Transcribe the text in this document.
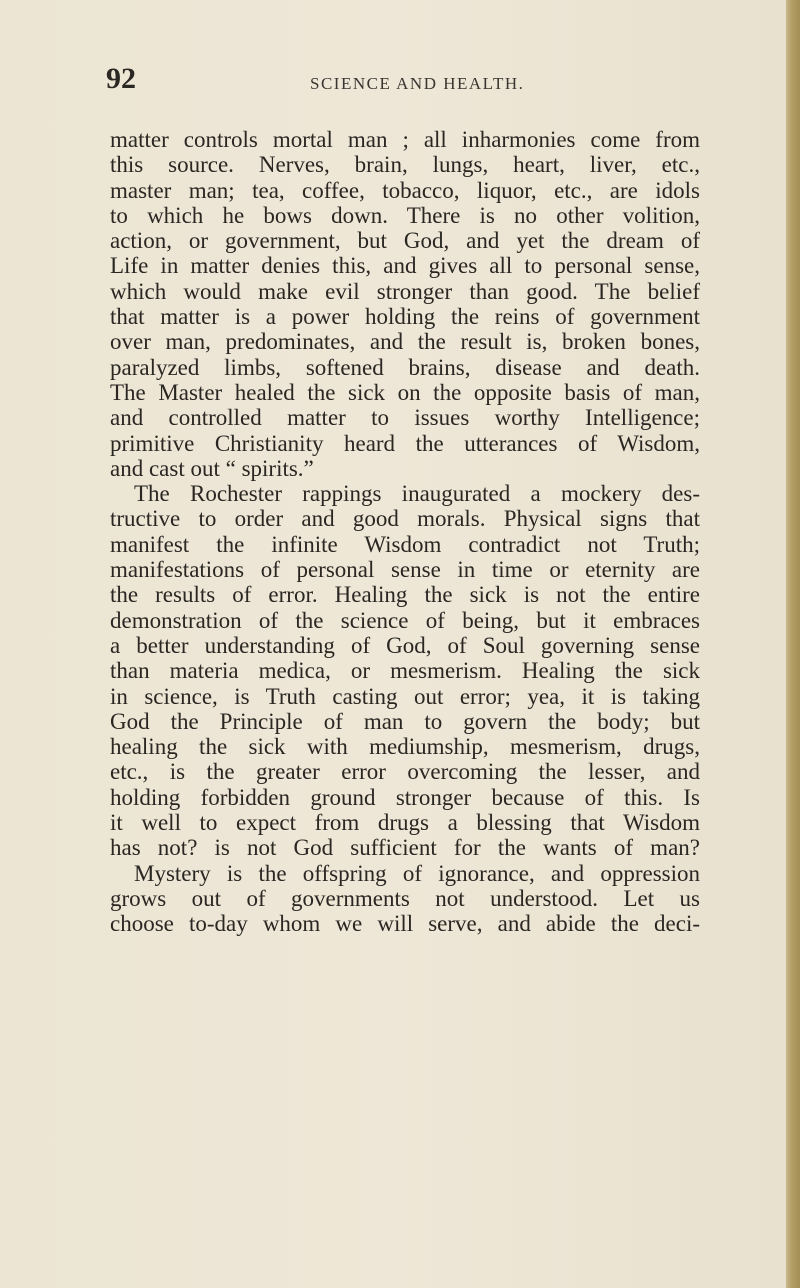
92	SCIENCE AND HEALTH.
matter controls mortal man ; all inharmonies come from
this source. Nerves, brain, lungs, heart, liver, etc.,
master man; tea, coffee, tobacco, liquor, etc., are idols
to which he bows down. There is no other volition,
action, or government, but God, and yet the dream of
Life in matter denies this, and gives all to personal sense,
which would make evil stronger than good. The belief
that matter is a power holding the reins of government
over man, predominates, and the result is, broken bones,
paralyzed limbs, softened brains, disease and death.
The Master healed the sick on the opposite basis of man,
and controlled matter to issues worthy Intelligence;
primitive Christianity heard the utterances of Wisdom,
and cast out “ spirits.”
The Rochester rappings inaugurated a mockery des-
tructive to order and good morals. Physical signs that
manifest the infinite Wisdom contradict not Truth;
manifestations of personal sense in time or eternity are
the results of error. Healing the sick is not the entire
demonstration of the science of being, but it embraces
a better understanding of God, of Soul governing sense
than materia medica, or mesmerism. Healing the sick
in science, is Truth casting out error; yea, it is taking
God the Principle of man to govern the body; but
healing the sick with mediumship, mesmerism, drugs,
etc., is the greater error overcoming the lesser, and
holding forbidden ground stronger because of this. Is
it well to expect from drugs a blessing that Wisdom
has not? is not God sufficient for the wants of man?
Mystery is the offspring of ignorance, and oppression
grows out of governments not understood. Let us
choose to-day whom we will serve, and abide the deci-
